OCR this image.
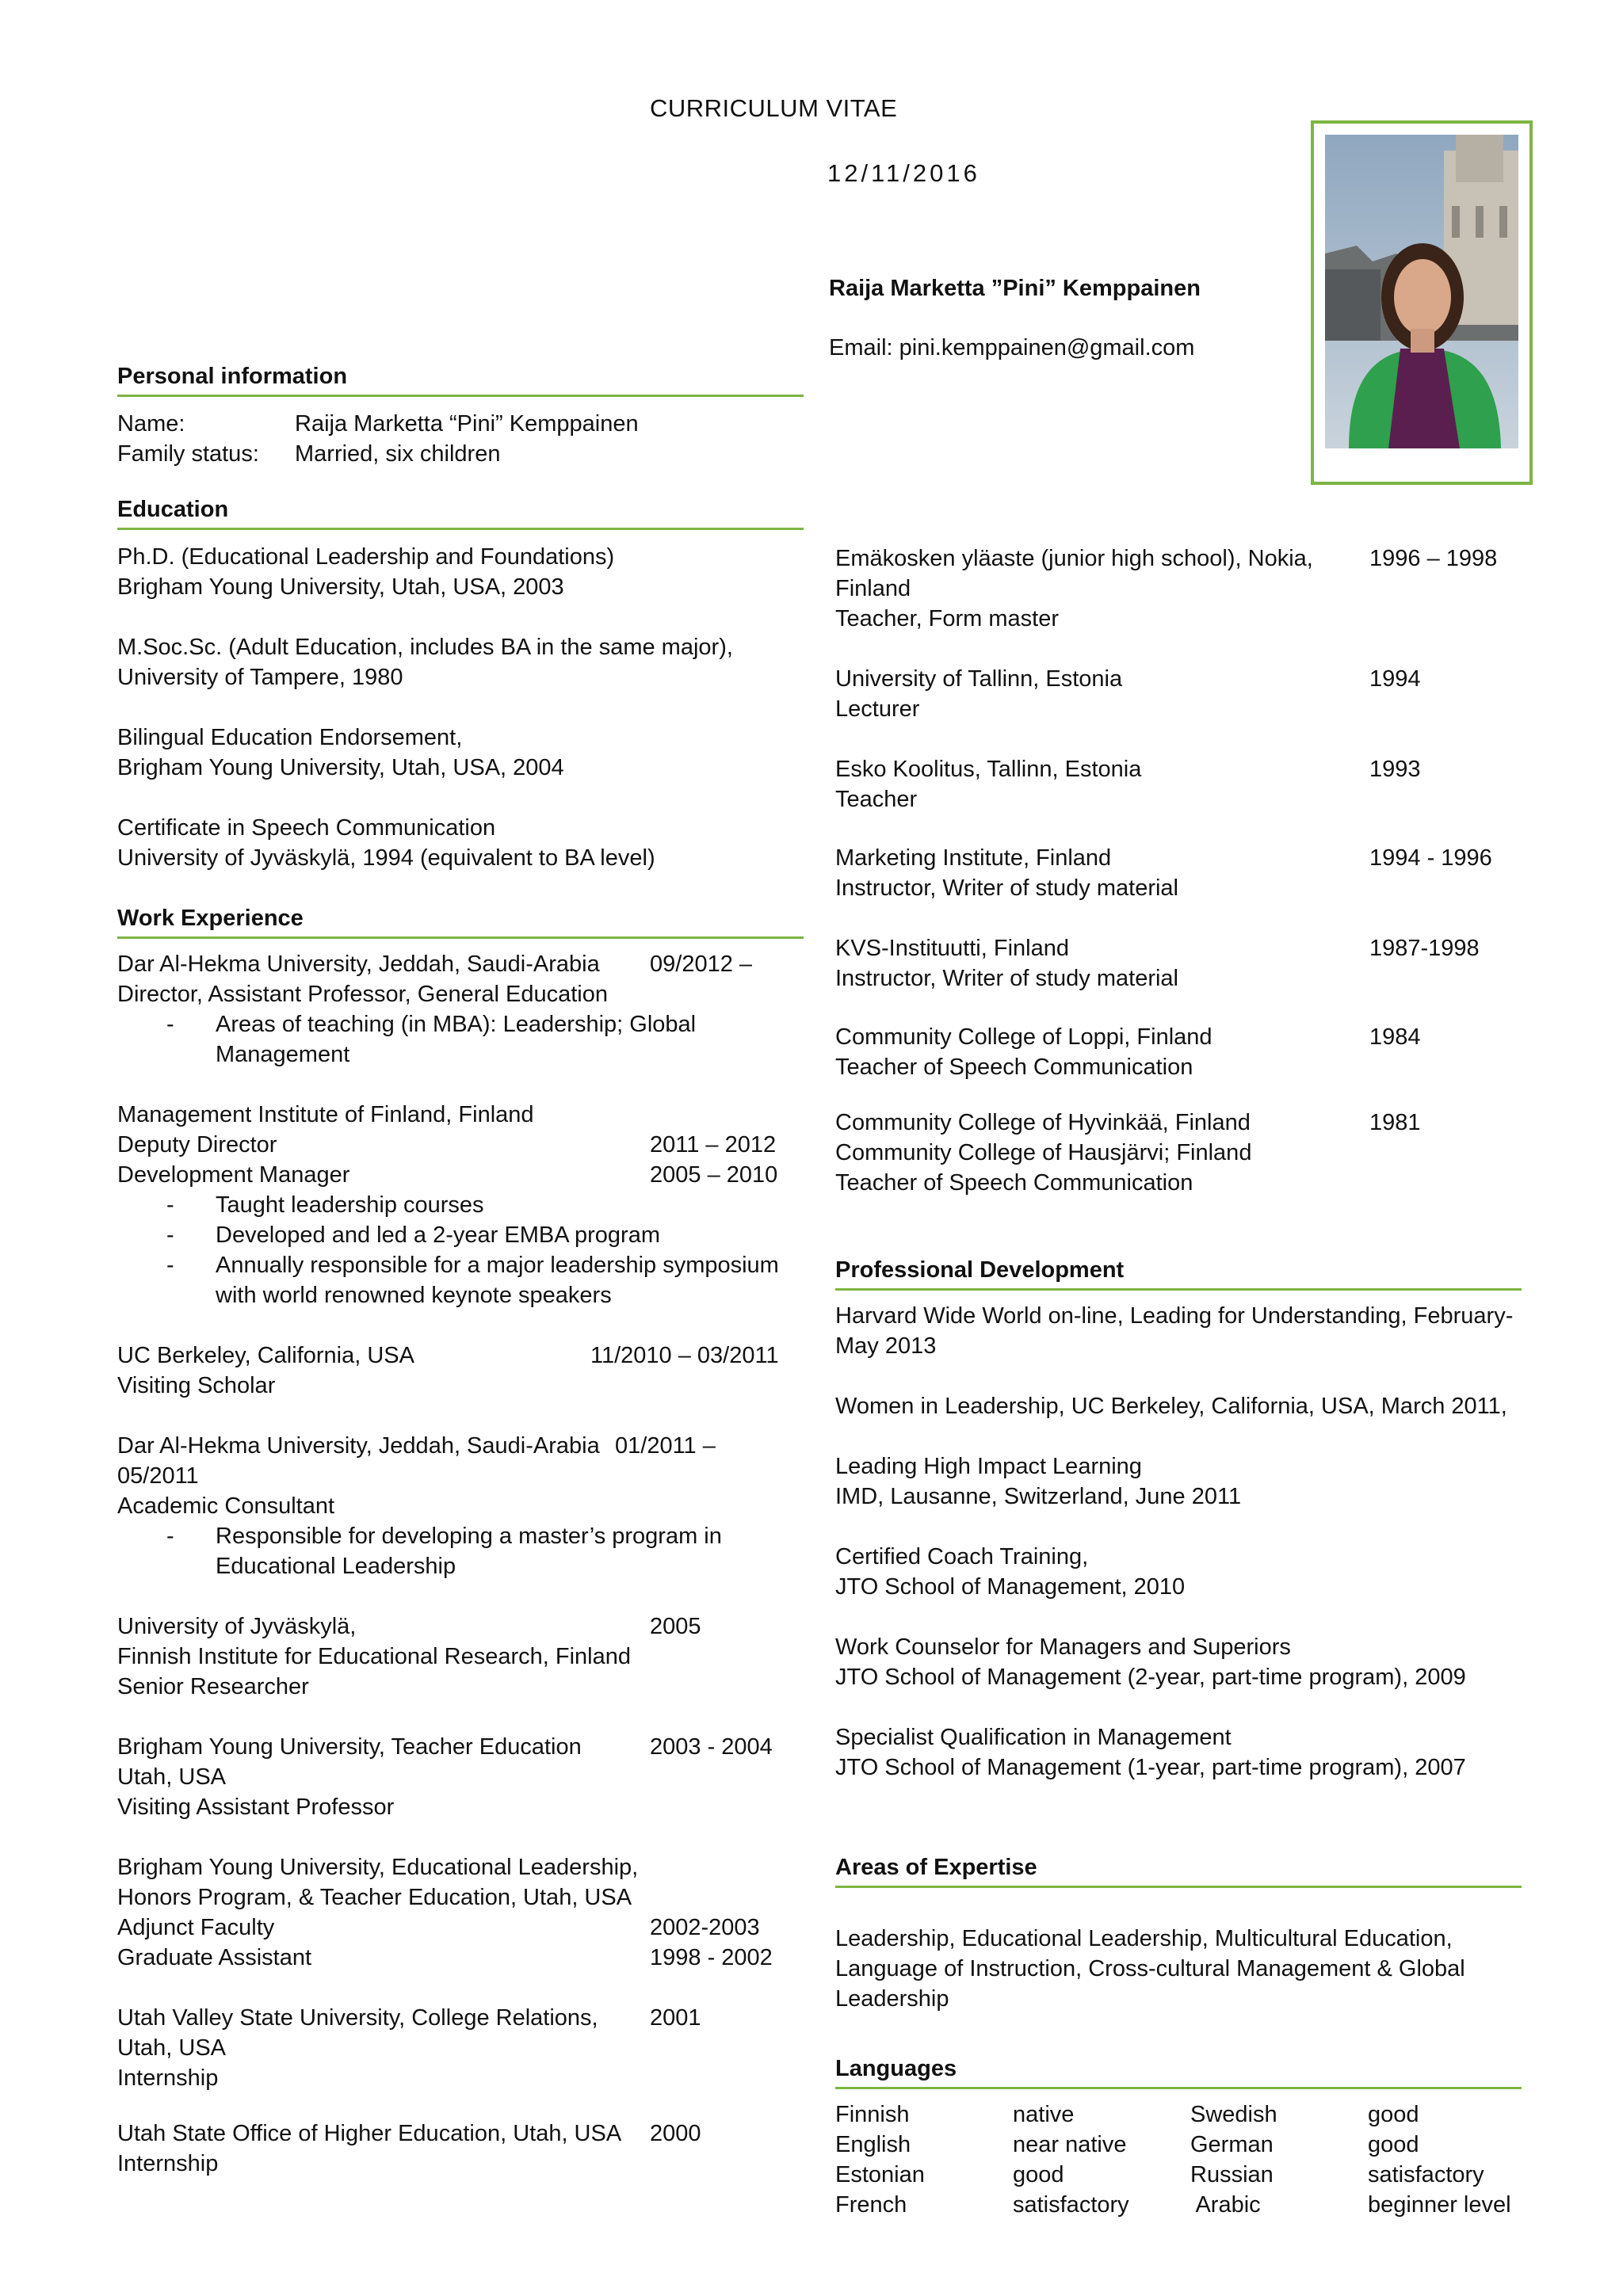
CURRICULUM VITAE
12/11/2016
Raija Marketta ”Pini” Kemppainen
Email: pini.kemppainen@gmail.com
Personal information
Name:	Raija Marketta “Pini” Kemppainen
Family status: Married, six children
Education
Ph.D. (Educational Leadership and Foundations)
Brigham Young University, Utah, USA, 2003
M.Soc.Sc. (Adult Education, includes BA in the same major),
University of Tampere, 1980
Bilingual Education Endorsement,
Brigham Young University, Utah, USA, 2004
Certificate in Speech Communication
University of Jyväskylä, 1994 (equivalent to BA level)
Work Experience
Dar Al-Hekma University, Jeddah, Saudi-Arabia 09/2012 –
Director, Assistant Professor, General Education
- Areas of teaching (in MBA): Leadership; Global
Management
Management Institute of Finland, Finland
Deputy Director	2011 – 2012
Development Manager	2005 – 2010
- Taught leadership courses
- Developed and led a 2-year EMBA program
- Annually responsible for a major leadership symposium
with world renowned keynote speakers
UC Berkeley, California, USA	11/2010 – 03/2011
Visiting Scholar
Dar Al-Hekma University, Jeddah, Saudi-Arabia 01/2011 –
05/2011
Academic Consultant
- Responsible for developing a master’s program in
Educational Leadership
University of Jyväskylä,	2005
Finnish Institute for Educational Research, Finland
Senior Researcher
Brigham Young University, Teacher Education	2003 - 2004
Utah, USA
Visiting Assistant Professor
Brigham Young University, Educational Leadership,
Honors Program, & Teacher Education, Utah, USA
Adjunct Faculty	2002-2003
Graduate Assistant	1998 - 2002
Utah Valley State University, College Relations, 2001
Utah, USA
Internship
Utah State Office of Higher Education, Utah, USA 2000
Internship
Emäkosken yläaste (junior high school), Nokia, 1996 – 1998
Finland
Teacher, Form master
University of Tallinn, Estonia	1994
Lecturer
Esko Koolitus, Tallinn, Estonia	1993
Teacher
Marketing Institute, Finland	1994 - 1996
Instructor, Writer of study material
KVS-Instituutti, Finland	1987-1998
Instructor, Writer of study material
Community College of Loppi, Finland	1984
Teacher of Speech Communication
Community College of Hyvinkää, Finland	1981
Community College of Hausjärvi; Finland
Teacher of Speech Communication
Professional Development
Harvard Wide World on-line, Leading for Understanding, February-
May 2013
Women in Leadership, UC Berkeley, California, USA, March 2011,
Leading High Impact Learning
IMD, Lausanne, Switzerland, June 2011
Certified Coach Training,
JTO School of Management, 2010
Work Counselor for Managers and Superiors
JTO School of Management (2-year, part-time program), 2009
Specialist Qualification in Management
JTO School of Management (1-year, part-time program), 2007
Areas of Expertise
Leadership, Educational Leadership, Multicultural Education,
Language of Instruction, Cross-cultural Management & Global
Leadership
Languages
Finnish	native	Swedish	good
English	near native	German	good
Estonian	good	Russian	satisfactory
French	satisfactory	Arabic	beginner level
